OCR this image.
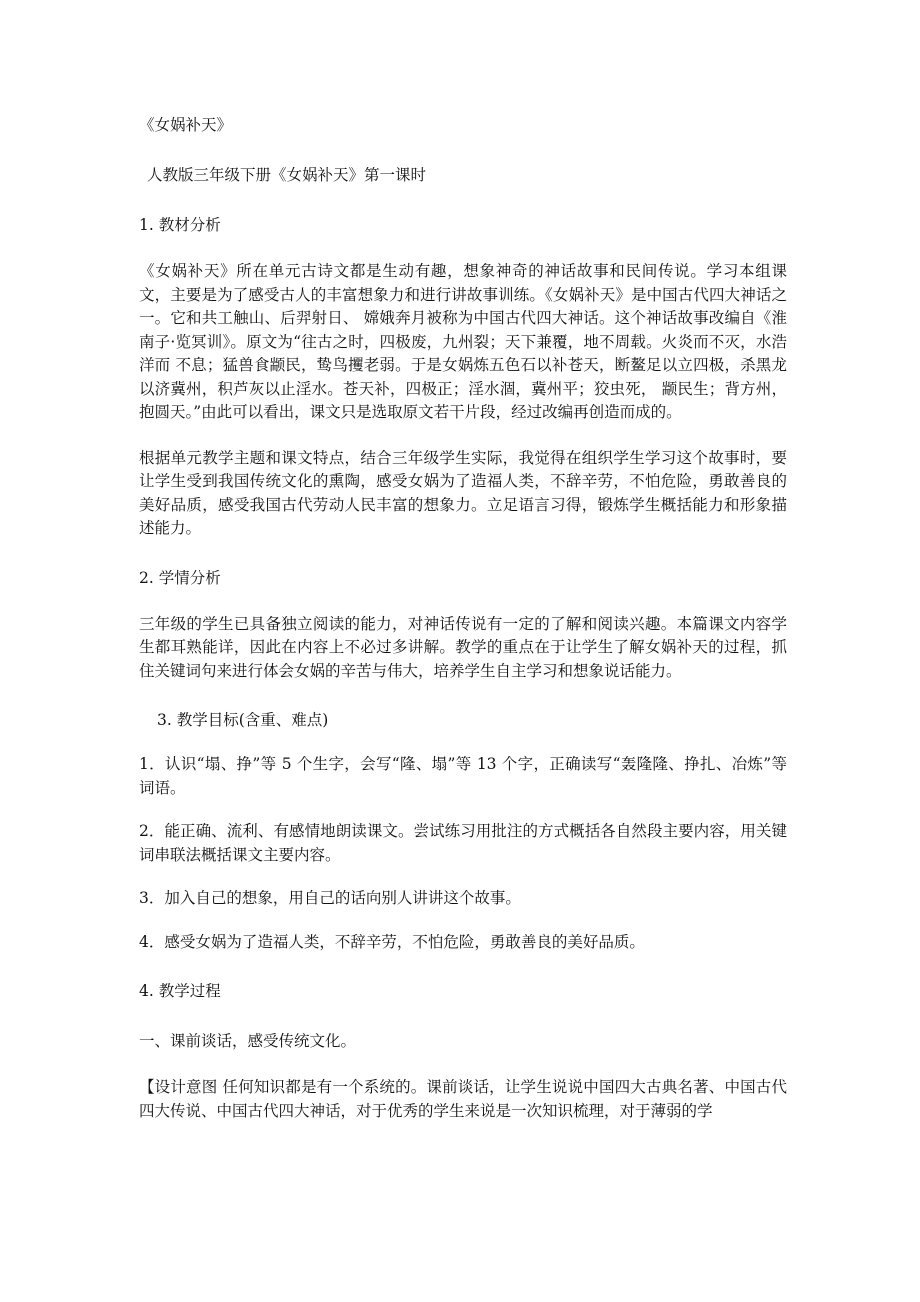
《女娲补天》

人教版三年级下册《女娲补天》第一课时

1. 教材分析

《女娲补天》所在单元古诗文都是生动有趣，想象神奇的神话故事和民间传说。学习本组课文，主要是为了感受古人的丰富想象力和进行讲故事训练。《女娲补天》是中国古代四大神话之一。它和共工触山、后羿射日、 嫦娥奔月被称为中国古代四大神话。这个神话故事改编自《淮南子·览冥训》。原文为“往古之时，四极废，九州裂；天下兼覆，地不周载。火炎而不灭，水浩洋而 不息；猛兽食颛民，鸷鸟攫老弱。于是女娲炼五色石以补苍天，断鳌足以立四极，杀黑龙以济冀州，积芦灰以止淫水。苍天补，四极正；淫水涸，冀州平；狡虫死， 颛民生；背方州，抱圆天。”由此可以看出，课文只是选取原文若干片段，经过改编再创造而成的。

根据单元教学主题和课文特点，结合三年级学生实际，我觉得在组织学生学习这个故事时，要让学生受到我国传统文化的熏陶，感受女娲为了造福人类，不辞辛劳，不怕危险，勇敢善良的美好品质，感受我国古代劳动人民丰富的想象力。立足语言习得，锻炼学生概括能力和形象描述能力。

2. 学情分析

三年级的学生已具备独立阅读的能力，对神话传说有一定的了解和阅读兴趣。本篇课文内容学生都耳熟能详，因此在内容上不必过多讲解。教学的重点在于让学生了解女娲补天的过程，抓住关键词句来进行体会女娲的辛苦与伟大，培养学生自主学习和想象说话能力。

3. 教学目标(含重、难点)

1．认识“塌、挣”等 5 个生字，会写“隆、塌”等 13 个字，正确读写“轰隆隆、挣扎、冶炼”等词语。

2．能正确、流利、有感情地朗读课文。尝试练习用批注的方式概括各自然段主要内容，用关键词串联法概括课文主要内容。

3．加入自己的想象，用自己的话向别人讲讲这个故事。

4．感受女娲为了造福人类，不辞辛劳，不怕危险，勇敢善良的美好品质。

4. 教学过程

一、课前谈话，感受传统文化。

【设计意图 任何知识都是有一个系统的。课前谈话，让学生说说中国四大古典名著、中国古代四大传说、中国古代四大神话，对于优秀的学生来说是一次知识梳理，对于薄弱的学
